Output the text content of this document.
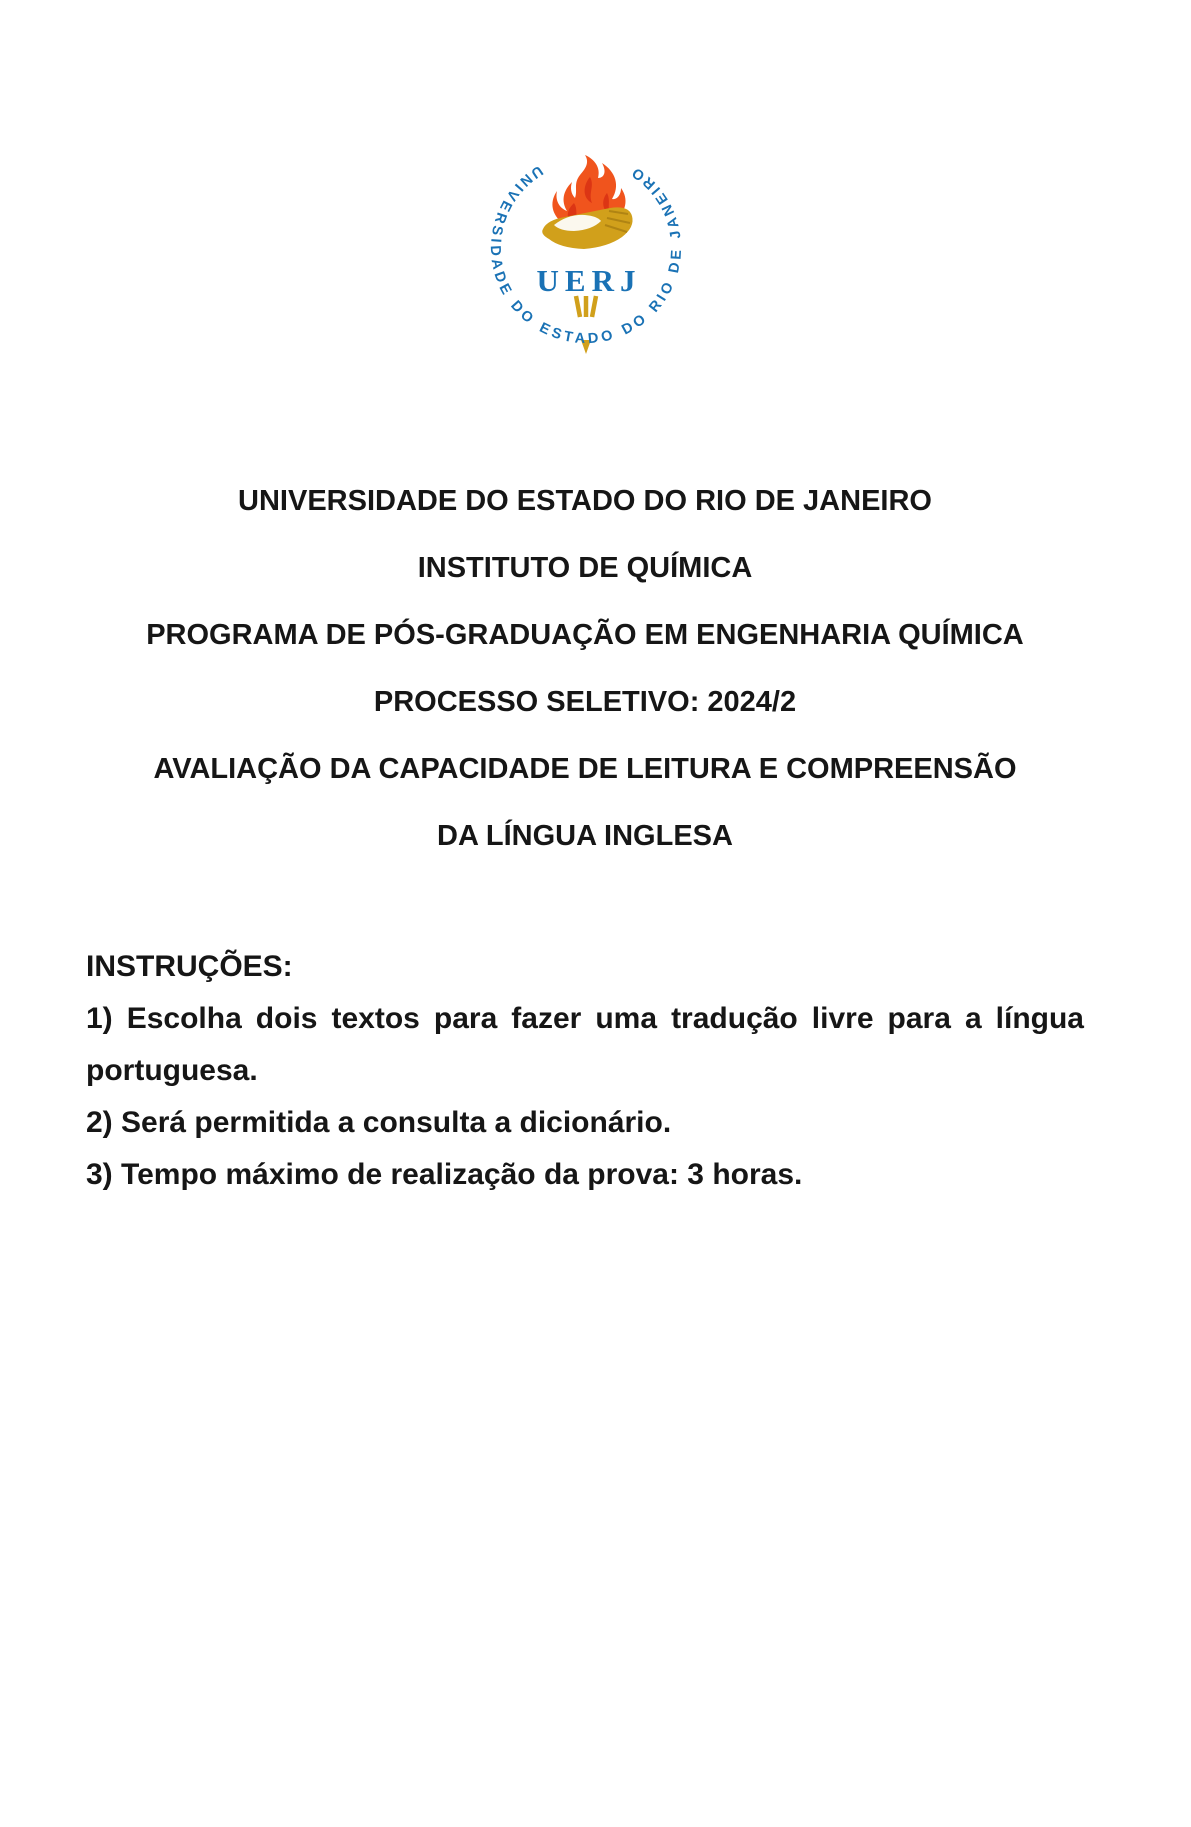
UERJ
UNIVERSIDADE DO ESTADO DO RIO DE JANEIRO

UNIVERSIDADE DO ESTADO DO RIO DE JANEIRO

INSTITUTO DE QUÍMICA

PROGRAMA DE PÓS-GRADUAÇÃO EM ENGENHARIA QUÍMICA

PROCESSO SELETIVO: 2024/2

AVALIAÇÃO DA CAPACIDADE DE LEITURA E COMPREENSÃO

DA LÍNGUA INGLESA

INSTRUÇÕES:

1) Escolha dois textos para fazer uma tradução livre para a língua portuguesa.

2) Será permitida a consulta a dicionário.

3) Tempo máximo de realização da prova: 3 horas.
